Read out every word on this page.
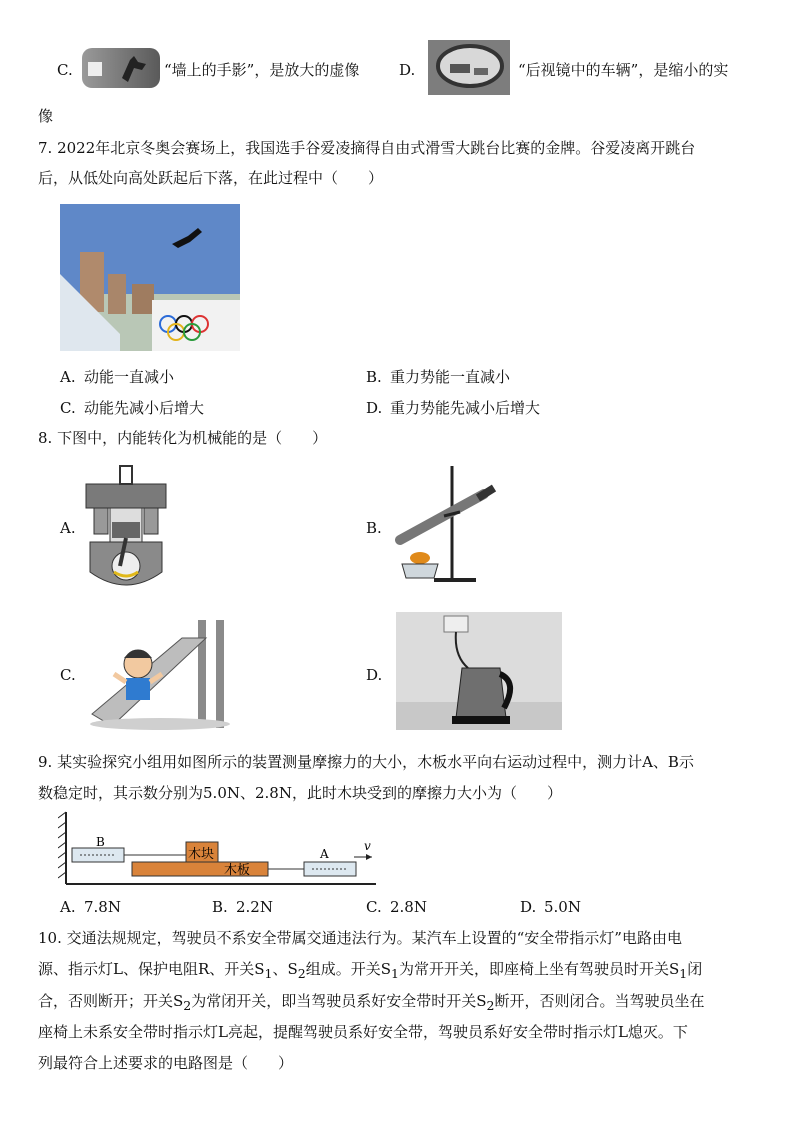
C.	“墙上的手影”，是放大的虚像	D.	“后视镜中的车辆”，是缩小的实
像
7. 2022年北京冬奥会赛场上，我国选手谷爱凌摘得自由式滑雪大跳台比赛的金牌。谷爱凌离开跳台
后，从低处向高处跃起后下落，在此过程中（　　）
A. 动能一直减小	B. 重力势能一直减小
C. 动能先减小后增大	D. 重力势能先减小后增大
8. 下图中，内能转化为机械能的是（　　）
A.	B.
C.	D.
9. 某实验探究小组用如图所示的装置测量摩擦力的大小，木板水平向右运动过程中，测力计A、B示
数稳定时，其示数分别为5.0N、2.8N，此时木块受到的摩擦力大小为（　　）
B
木块
木板
A
v
A. 7.8N	B. 2.2N	C. 2.8N	D. 5.0N
10. 交通法规规定，驾驶员不系安全带属交通违法行为。某汽车上设置的“安全带指示灯”电路由电
源、指示灯L、保护电阻R、开关$S_1$、$S_2$组成。开关$S_1$为常开开关，即座椅上坐有驾驶员时开关$S_1$闭
合，否则断开；开关$S_2$为常闭开关，即当驾驶员系好安全带时开关$S_2$断开，否则闭合。当驾驶员坐在
座椅上未系安全带时指示灯L亮起，提醒驾驶员系好安全带，驾驶员系好安全带时指示灯L熄灭。下
列最符合上述要求的电路图是（　　）
